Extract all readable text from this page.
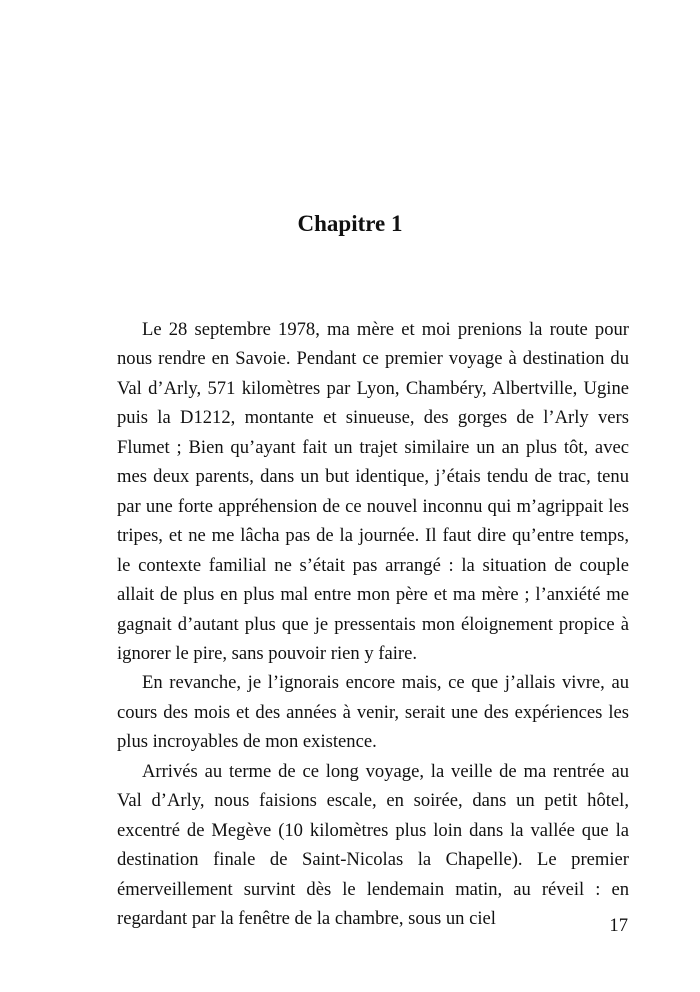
Chapitre 1

Le 28 septembre 1978, ma mère et moi prenions la route pour nous rendre en Savoie. Pendant ce premier voyage à destination du Val d’Arly, 571 kilomètres par Lyon, Chambéry, Albertville, Ugine puis la D1212, montante et sinueuse, des gorges de l’Arly vers Flumet ; Bien qu’ayant fait un trajet similaire un an plus tôt, avec mes deux parents, dans un but identique, j’étais tendu de trac, tenu par une forte appréhension de ce nouvel inconnu qui m’agrippait les tripes, et ne me lâcha pas de la journée. Il faut dire qu’entre temps, le contexte familial ne s’était pas arrangé : la situation de couple allait de plus en plus mal entre mon père et ma mère ; l’anxiété me gagnait d’autant plus que je pressentais mon éloignement propice à ignorer le pire, sans pouvoir rien y faire.

En revanche, je l’ignorais encore mais, ce que j’allais vivre, au cours des mois et des années à venir, serait une des expériences les plus incroyables de mon existence.

Arrivés au terme de ce long voyage, la veille de ma rentrée au Val d’Arly, nous faisions escale, en soirée, dans un petit hôtel, excentré de Megève (10 kilomètres plus loin dans la vallée que la destination finale de Saint-Nicolas la Chapelle). Le premier émerveillement survint dès le lendemain matin, au réveil : en regardant par la fenêtre de la chambre, sous un ciel	17
